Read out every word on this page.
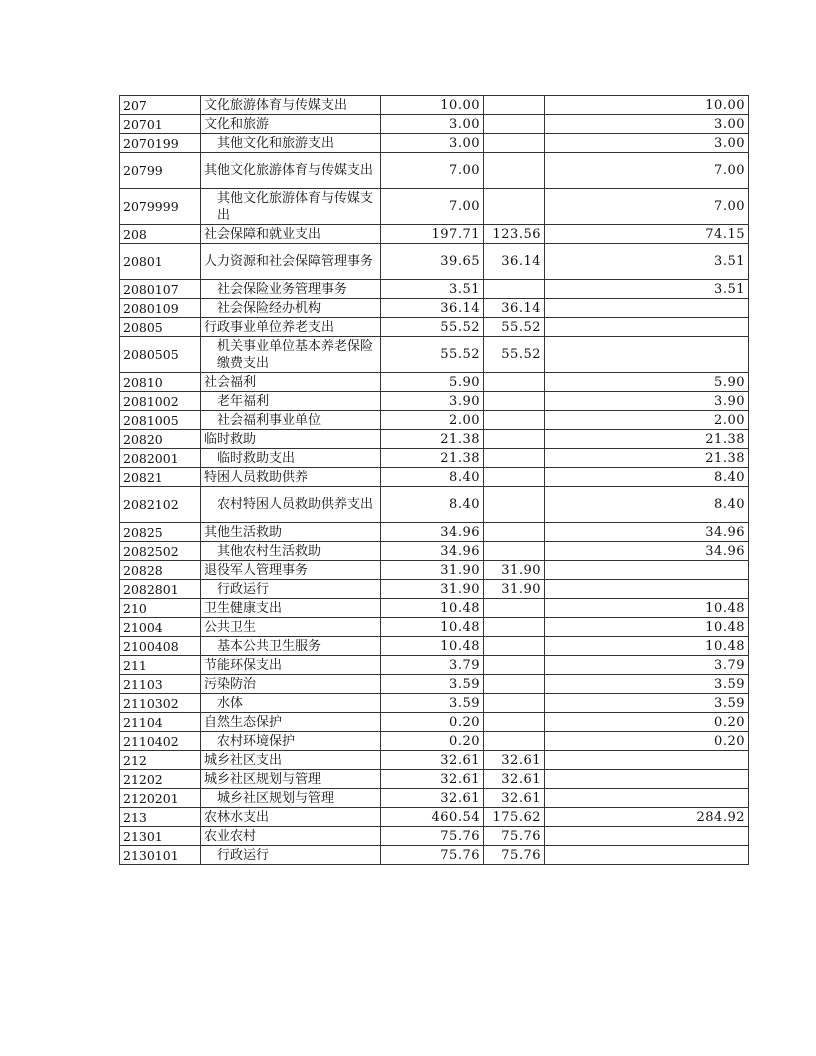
207	文化旅游体育与传媒支出	10.00		10.00
20701	文化和旅游	3.00		3.00
2070199	其他文化和旅游支出	3.00		3.00
20799	其他文化旅游体育与传媒支出	7.00		7.00
2079999	其他文化旅游体育与传媒支出	7.00		7.00
208	社会保障和就业支出	197.71	123.56	74.15
20801	人力资源和社会保障管理事务	39.65	36.14	3.51
2080107	社会保险业务管理事务	3.51		3.51
2080109	社会保险经办机构	36.14	36.14	
20805	行政事业单位养老支出	55.52	55.52	
2080505	机关事业单位基本养老保险缴费支出	55.52	55.52	
20810	社会福利	5.90		5.90
2081002	老年福利	3.90		3.90
2081005	社会福利事业单位	2.00		2.00
20820	临时救助	21.38		21.38
2082001	临时救助支出	21.38		21.38
20821	特困人员救助供养	8.40		8.40
2082102	农村特困人员救助供养支出	8.40		8.40
20825	其他生活救助	34.96		34.96
2082502	其他农村生活救助	34.96		34.96
20828	退役军人管理事务	31.90	31.90	
2082801	行政运行	31.90	31.90	
210	卫生健康支出	10.48		10.48
21004	公共卫生	10.48		10.48
2100408	基本公共卫生服务	10.48		10.48
211	节能环保支出	3.79		3.79
21103	污染防治	3.59		3.59
2110302	水体	3.59		3.59
21104	自然生态保护	0.20		0.20
2110402	农村环境保护	0.20		0.20
212	城乡社区支出	32.61	32.61	
21202	城乡社区规划与管理	32.61	32.61	
2120201	城乡社区规划与管理	32.61	32.61	
213	农林水支出	460.54	175.62	284.92
21301	农业农村	75.76	75.76	
2130101	行政运行	75.76	75.76	
